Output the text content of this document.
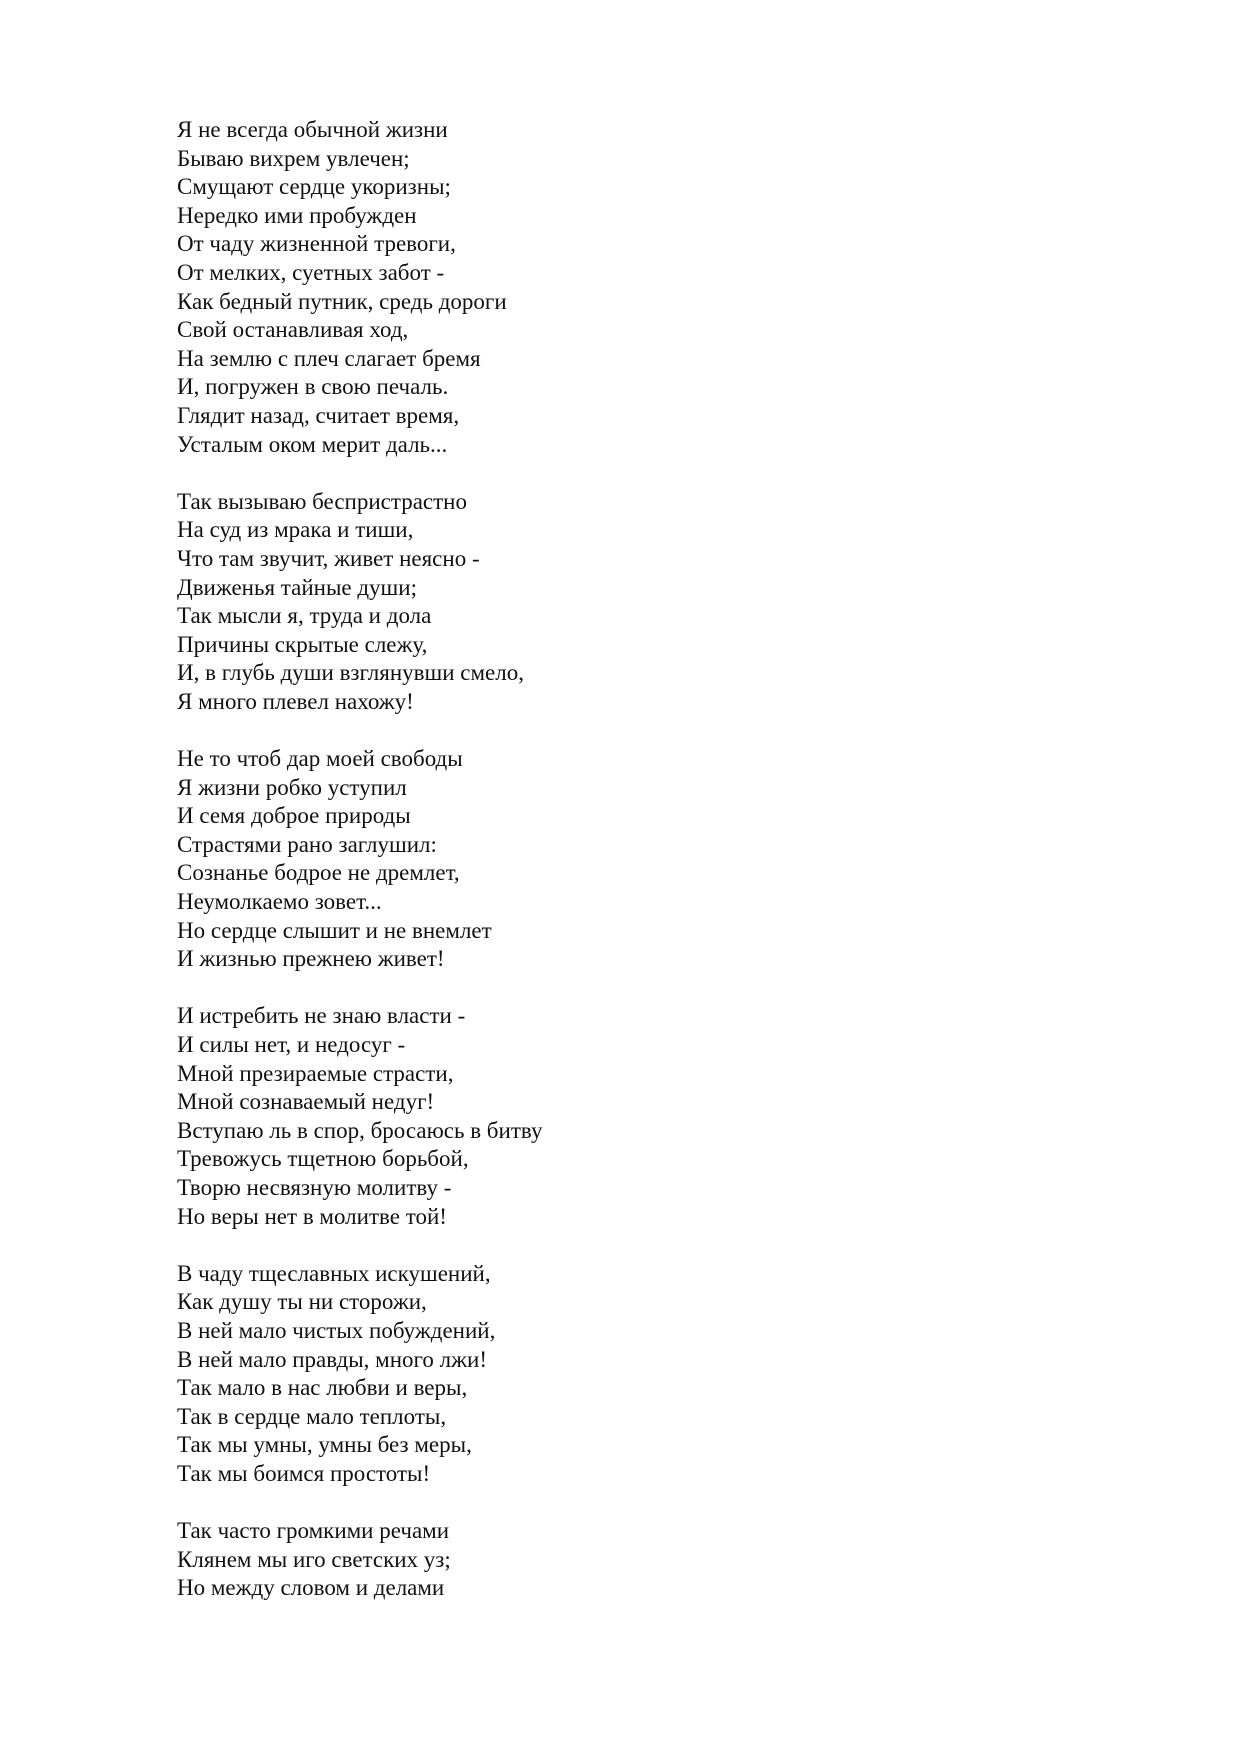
Я не всегда обычной жизни
Бываю вихрем увлечен;
Смущают сердце укоризны;
Нередко ими пробужден
От чаду жизненной тревоги,
От мелких, суетных забот -
Как бедный путник, средь дороги
Свой останавливая ход,
На землю с плеч слагает бремя
И, погружен в свою печаль.
Глядит назад, считает время,
Усталым оком мерит даль...
Так вызываю беспристрастно
На суд из мрака и тиши,
Что там звучит, живет неясно -
Движенья тайные души;
Так мысли я, труда и дола
Причины скрытые слежу,
И, в глубь души взглянувши смело,
Я много плевел нахожу!
Не то чтоб дар моей свободы
Я жизни робко уступил
И семя доброе природы
Страстями рано заглушил:
Сознанье бодрое не дремлет,
Неумолкаемо зовет...
Но сердце слышит и не внемлет
И жизнью прежнею живет!
И истребить не знаю власти -
И силы нет, и недосуг -
Мной презираемые страсти,
Мной сознаваемый недуг!
Вступаю ль в спор, бросаюсь в битву
Тревожусь тщетною борьбой,
Творю несвязную молитву -
Но веры нет в молитве той!
В чаду тщеславных искушений,
Как душу ты ни сторожи,
В ней мало чистых побуждений,
В ней мало правды, много лжи!
Так мало в нас любви и веры,
Так в сердце мало теплоты,
Так мы умны, умны без меры,
Так мы боимся простоты!
Так часто громкими речами
Клянем мы иго светских уз;
Но между словом и делами
